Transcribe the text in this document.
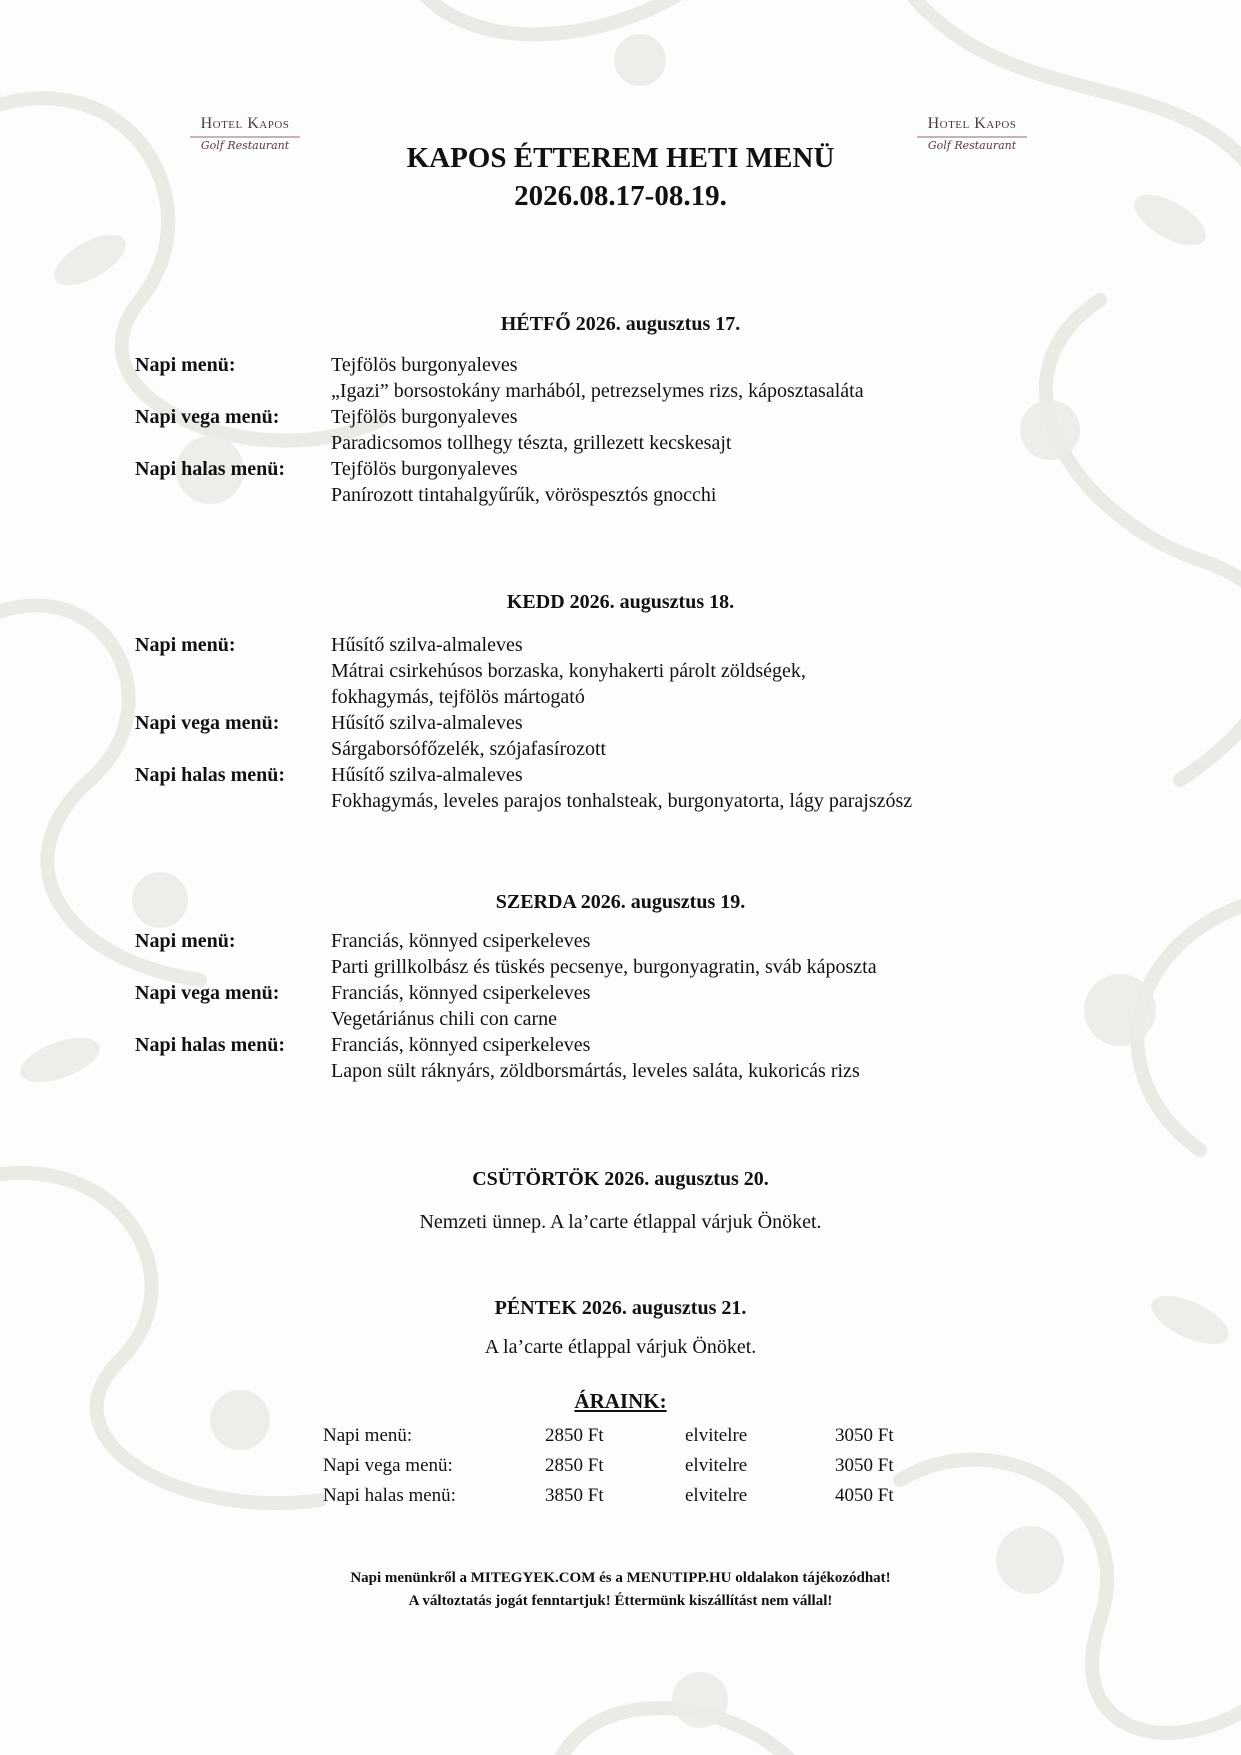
Hotel Kapos
Golf Restaurant
Hotel Kapos
Golf Restaurant
KAPOS ÉTTEREM HETI MENÜ
2026.08.17-08.19.
HÉTFŐ 2026. augusztus 17.
Napi menü:	Tejfölös burgonyaleves
„Igazi” borsostokány marhából, petrezselymes rizs, káposztasaláta
Napi vega menü:	Tejfölös burgonyaleves
Paradicsomos tollhegy tészta, grillezett kecskesajt
Napi halas menü: Tejfölös burgonyaleves
Panírozott tintahalgyűrűk, vöröspesztós gnocchi
KEDD 2026. augusztus 18.
Napi menü:	Hűsítő szilva-almaleves
Mátrai csirkehúsos borzaska, konyhakerti párolt zöldségek,
fokhagymás, tejfölös mártogató
Napi vega menü:	Hűsítő szilva-almaleves
Sárgaborsófőzelék, szójafasírozott
Napi halas menü: Hűsítő szilva-almaleves
Fokhagymás, leveles parajos tonhalsteak, burgonyatorta, lágy parajszósz
SZERDA 2026. augusztus 19.
Napi menü:	Franciás, könnyed csiperkeleves
Parti grillkolbász és tüskés pecsenye, burgonyagratin, sváb káposzta
Napi vega menü:	Franciás, könnyed csiperkeleves
Vegetáriánus chili con carne
Napi halas menü: Franciás, könnyed csiperkeleves
Lapon sült ráknyárs, zöldborsmártás, leveles saláta, kukoricás rizs
CSÜTÖRTÖK 2026. augusztus 20.
Nemzeti ünnep. A la’carte étlappal várjuk Önöket.
PÉNTEK 2026. augusztus 21.
A la’carte étlappal várjuk Önöket.
ÁRAINK:
Napi menü:	2850 Ft	elvitelre	3050 Ft
Napi vega menü:	2850 Ft	elvitelre	3050 Ft
Napi halas menü:	3850 Ft	elvitelre	4050 Ft
Napi menünkről a MITEGYEK.COM és a MENUTIPP.HU oldalakon tájékozódhat!
A változtatás jogát fenntartjuk! Éttermünk kiszállítást nem vállal!
